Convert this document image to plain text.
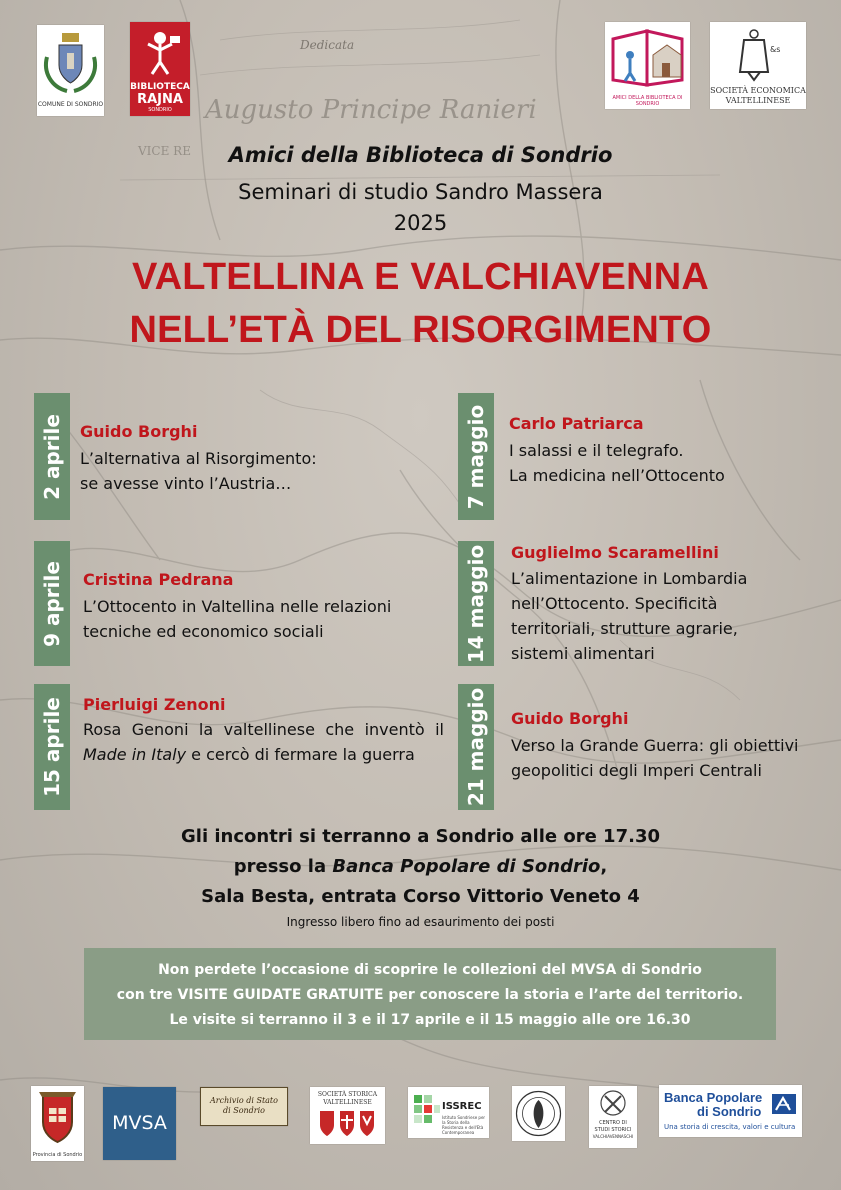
Dedicata
Augusto Principe Ranieri
VICE RE
COMUNE DI SONDRIO
BIBLIOTECA
RAJNA
SONDRIO
AMICI DELLA BIBLIOTECA DI SONDRIO
&s
SOCIETÀ ECONOMICA
VALTELLINESE
Amici della Biblioteca di Sondrio
Seminari di studio Sandro Massera
2025
VALTELLINA E VALCHIAVENNA
NELL’ETÀ DEL RISORGIMENTO
2 aprile Guido Borghi
L’alternativa al Risorgimento:
se avesse vinto l’Austria…
9 aprile Cristina Pedrana
L’Ottocento in Valtellina nelle relazioni
tecniche ed economico sociali
15 aprile Pierluigi Zenoni
Rosa Genoni la valtellinese che inventò il Made in Italy e cercò di fermare la guerra
7 maggio Carlo Patriarca
I salassi e il telegrafo.
La medicina nell’Ottocento
14 maggio Guglielmo Scaramellini
L’alimentazione in Lombardia
nell’Ottocento. Specificità
territoriali, strutture agrarie,
sistemi alimentari
21 maggio Guido Borghi
Verso la Grande Guerra: gli obiettivi
geopolitici degli Imperi Centrali
Gli incontri si terranno a Sondrio alle ore 17.30
presso la Banca Popolare di Sondrio,
Sala Besta, entrata Corso Vittorio Veneto 4
Ingresso libero fino ad esaurimento dei posti
Non perdete l’occasione di scoprire le collezioni del MVSA di Sondrio
con tre VISITE GUIDATE GRATUITE per conoscere la storia e l’arte del territorio.
Le visite si terranno il 3 e il 17 aprile e il 15 maggio alle ore 16.30
Provincia di Sondrio
MVSA
Archivio di Stato di Sondrio
SOCIETÀ STORICA
VALTELLINESE	ISSREC
Istituto Sondriese per la Storia della Resistenza e dell'Età Contemporanea
CENTRO DI
STUDI STORICI
VALCHIAVENNASCHI
Banca Popolare
di Sondrio
Una storia di crescita, valori e cultura
